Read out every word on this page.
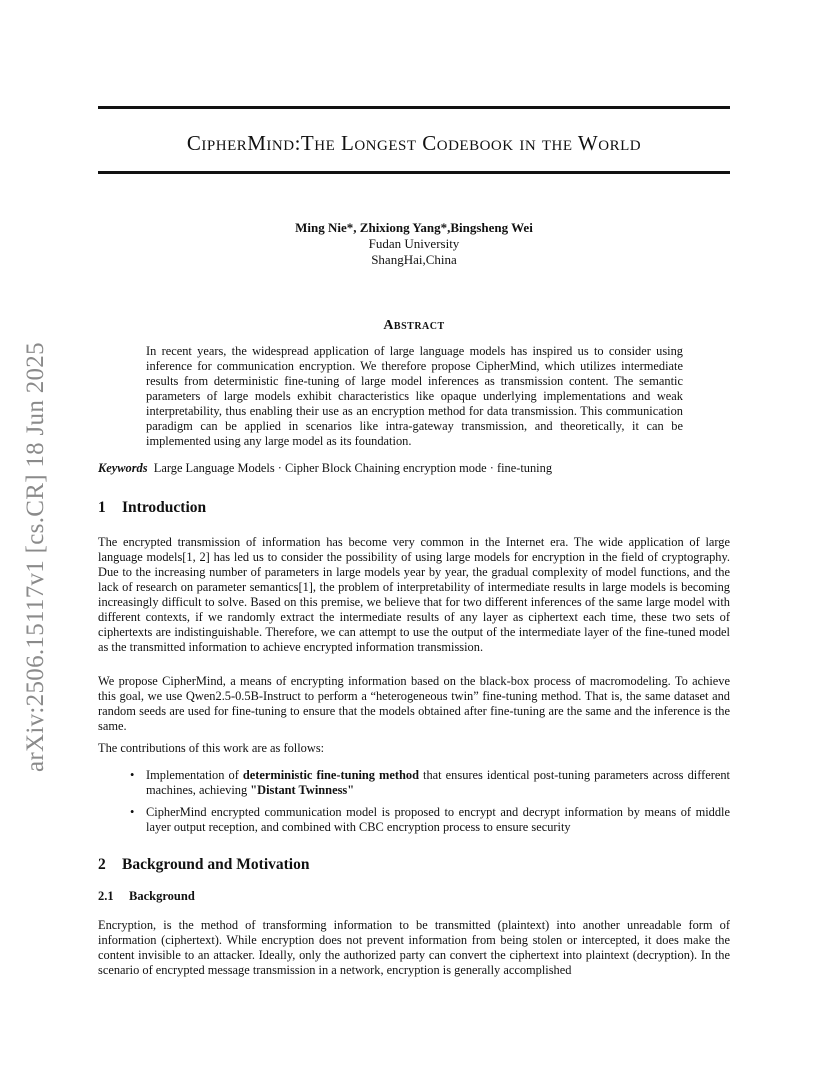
arXiv:2506.15117v1 [cs.CR] 18 Jun 2025
CipherMind:The Longest Codebook in the World
Ming Nie*, Zhixiong Yang*,Bingsheng Wei
Fudan University
ShangHai,China
Abstract
In recent years, the widespread application of large language models has inspired us to consider using inference for communication encryption. We therefore propose CipherMind, which utilizes intermediate results from deterministic fine-tuning of large model inferences as transmission content. The semantic parameters of large models exhibit characteristics like opaque underlying implementations and weak interpretability, thus enabling their use as an encryption method for data transmission. This communication paradigm can be applied in scenarios like intra-gateway transmission, and theoretically, it can be implemented using any large model as its foundation.
Keywords Large Language Models · Cipher Block Chaining encryption mode · fine-tuning
1 Introduction

The encrypted transmission of information has become very common in the Internet era. The wide application of large language models[1, 2] has led us to consider the possibility of using large models for encryption in the field of cryptography. Due to the increasing number of parameters in large models year by year, the gradual complexity of model functions, and the lack of research on parameter semantics[1], the problem of interpretability of intermediate results in large models is becoming increasingly difficult to solve. Based on this premise, we believe that for two different inferences of the same large model with different contexts, if we randomly extract the intermediate results of any layer as ciphertext each time, these two sets of ciphertexts are indistinguishable. Therefore, we can attempt to use the output of the intermediate layer of the fine-tuned model as the transmitted information to achieve encrypted information transmission.

We propose CipherMind, a means of encrypting information based on the black-box process of macromodeling. To achieve this goal, we use Qwen2.5-0.5B-Instruct to perform a “heterogeneous twin” fine-tuning method. That is, the same dataset and random seeds are used for fine-tuning to ensure that the models obtained after fine-tuning are the same and the inference is the same.

The contributions of this work are as follows:

• Implementation of deterministic fine-tuning method that ensures identical post-tuning parameters across different machines, achieving "Distant Twinness"
• CipherMind encrypted communication model is proposed to encrypt and decrypt information by means of middle layer output reception, and combined with CBC encryption process to ensure security
2 Background and Motivation
2.1 Background

Encryption, is the method of transforming information to be transmitted (plaintext) into another unreadable form of information (ciphertext). While encryption does not prevent information from being stolen or intercepted, it does make the content invisible to an attacker. Ideally, only the authorized party can convert the ciphertext into plaintext (decryption). In the scenario of encrypted message transmission in a network, encryption is generally accomplished
